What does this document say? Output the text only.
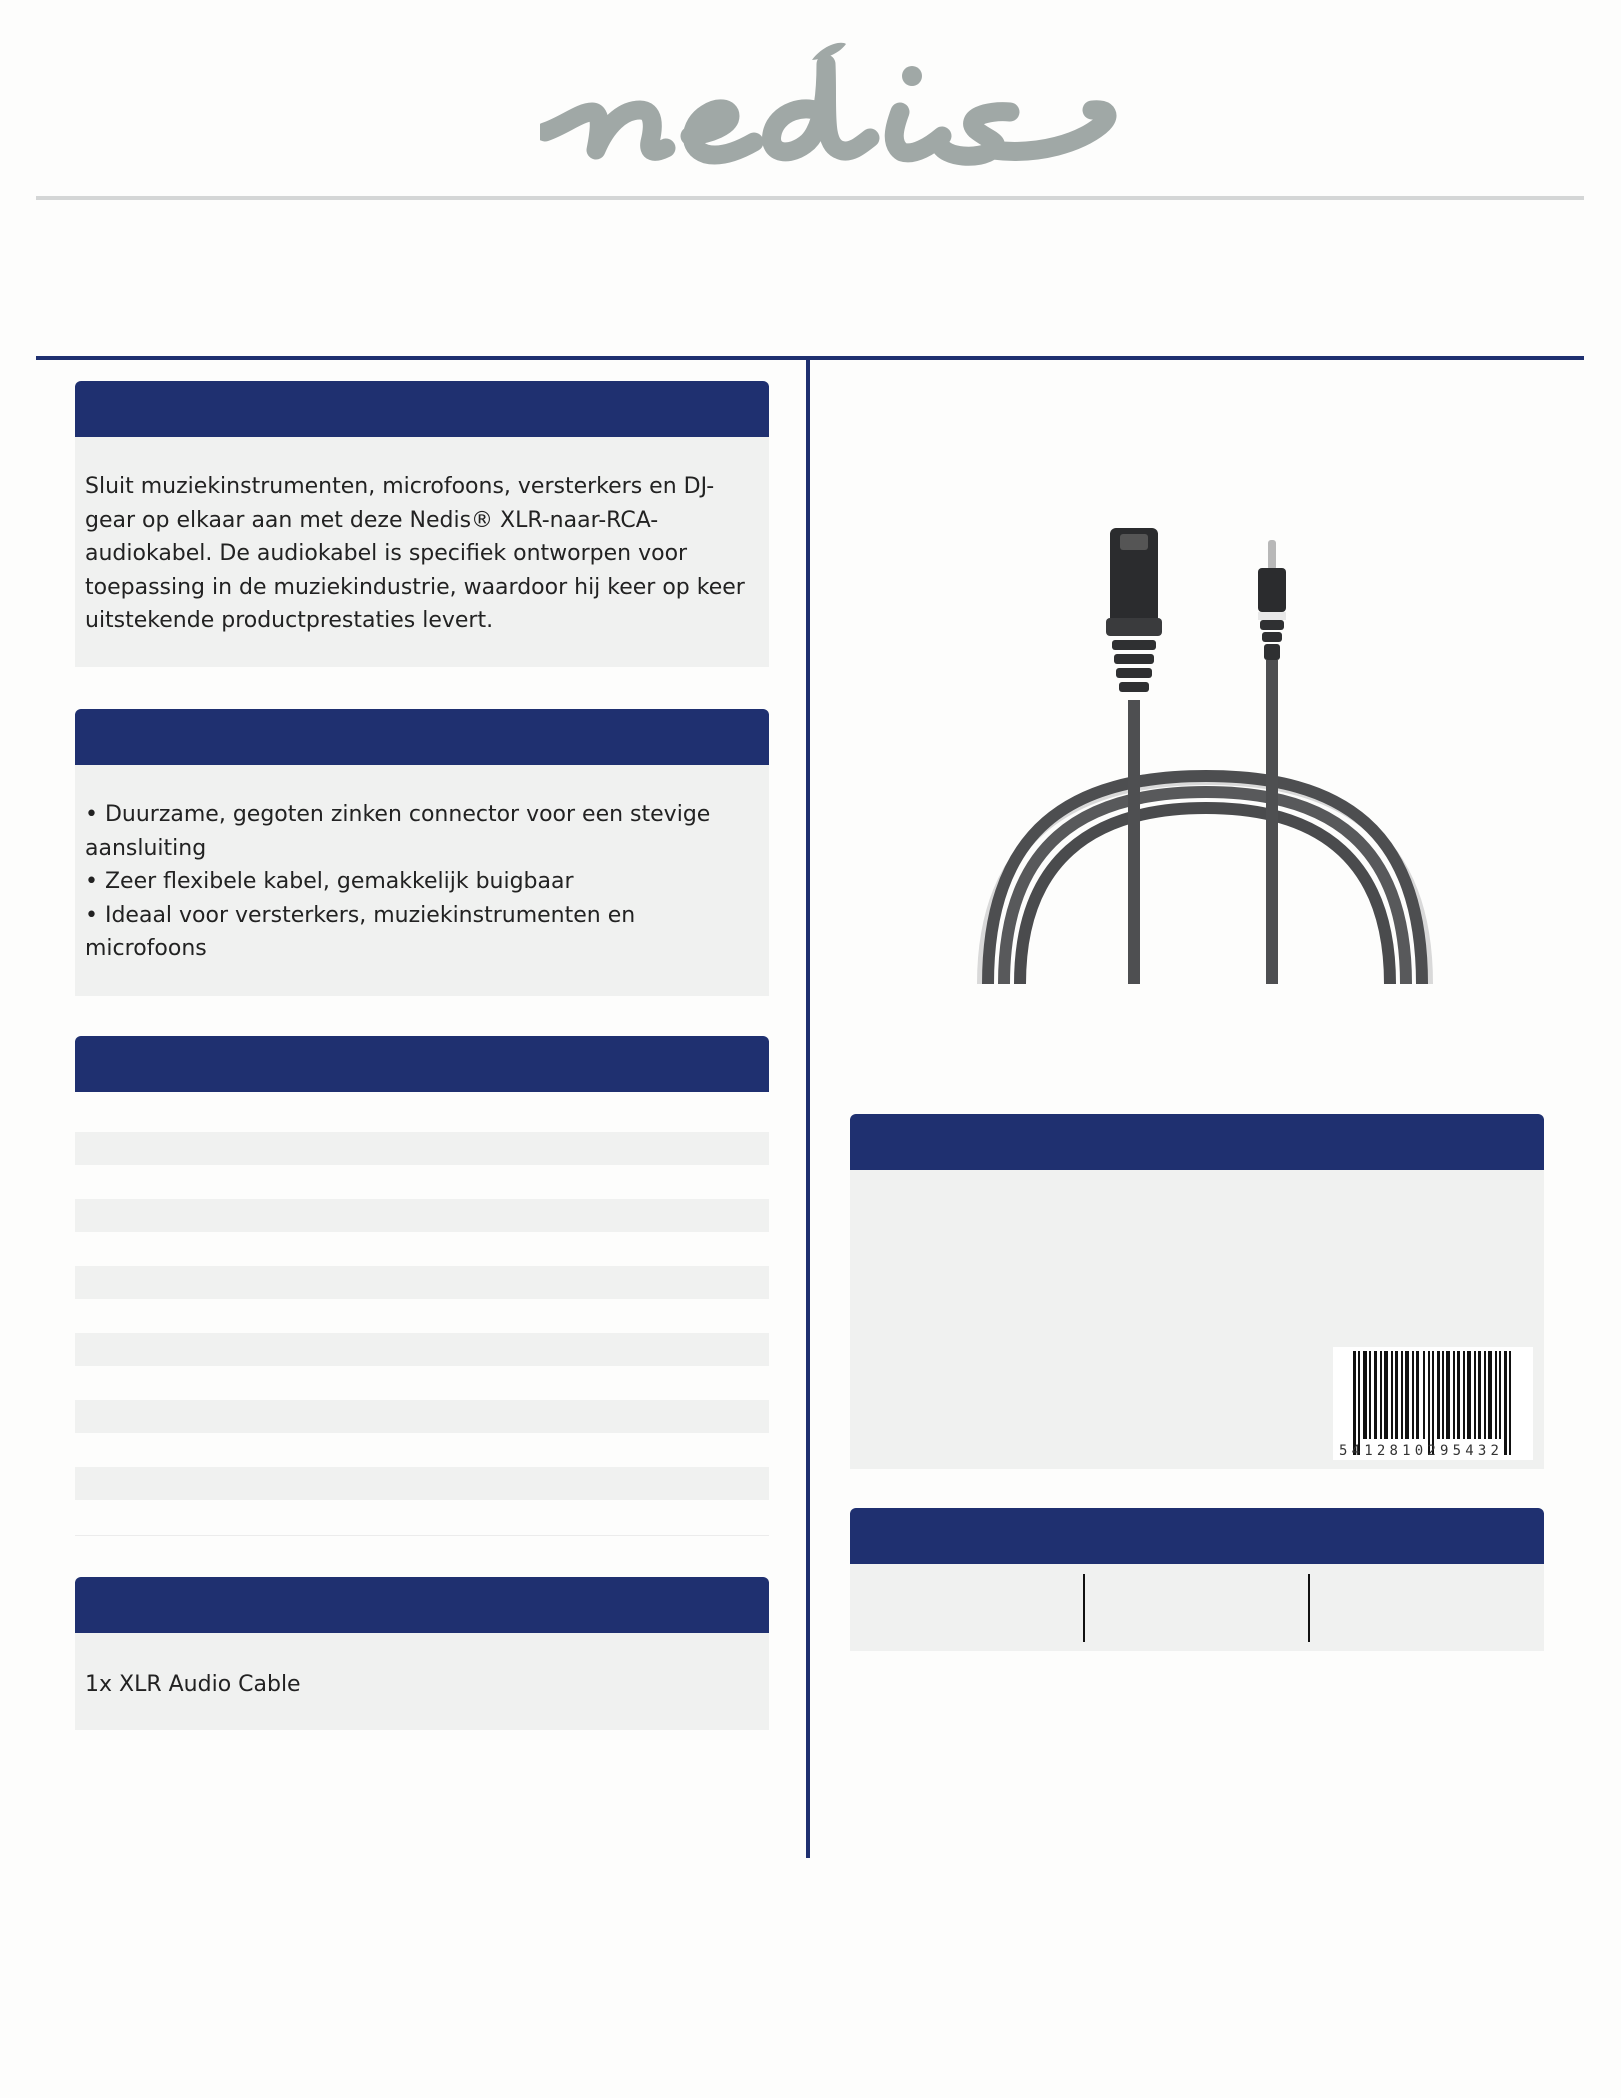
Sluit muziekinstrumenten, microfoons, versterkers en DJ-
gear op elkaar aan met deze Nedis® XLR-naar-RCA-
audiokabel. De audiokabel is specifiek ontworpen voor
toepassing in de muziekindustrie, waardoor hij keer op keer
uitstekende productprestaties levert.

• Duurzame, gegoten zinken connector voor een stevige
aansluiting
• Zeer flexibele kabel, gemakkelijk buigbaar
• Ideaal voor versterkers, muziekinstrumenten en
microfoons

1x XLR Audio Cable

5412810295432
